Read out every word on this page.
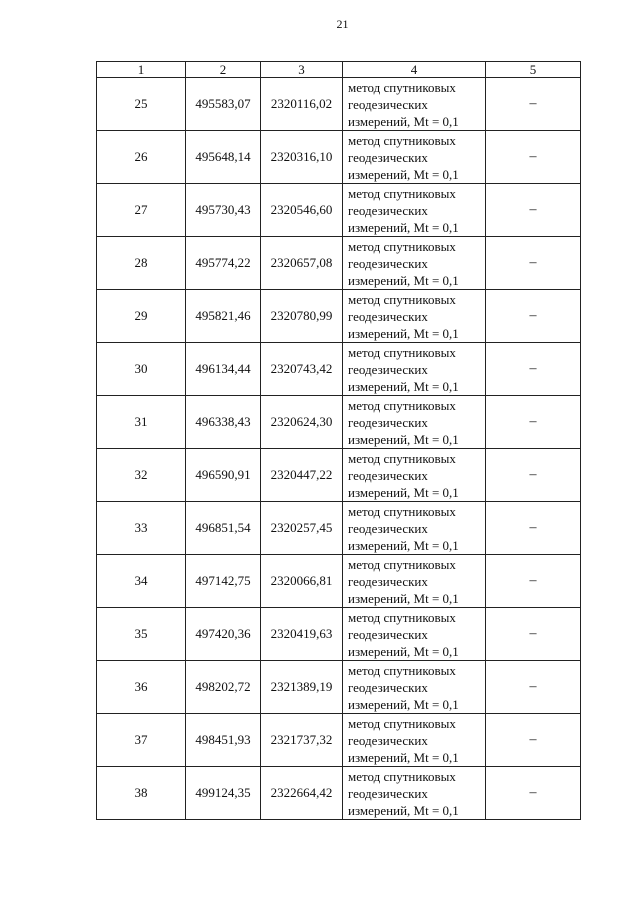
21
1	2	3	4	5
25	495583,07	2320116,02	метод спутниковых
геодезических
измерений, Mt = 0,1	–
26	495648,14	2320316,10	метод спутниковых
геодезических
измерений, Mt = 0,1	–
27	495730,43	2320546,60	метод спутниковых
геодезических
измерений, Mt = 0,1	–
28	495774,22	2320657,08	метод спутниковых
геодезических
измерений, Mt = 0,1	–
29	495821,46	2320780,99	метод спутниковых
геодезических
измерений, Mt = 0,1	–
30	496134,44	2320743,42	метод спутниковых
геодезических
измерений, Mt = 0,1	–
31	496338,43	2320624,30	метод спутниковых
геодезических
измерений, Mt = 0,1	–
32	496590,91	2320447,22	метод спутниковых
геодезических
измерений, Mt = 0,1	–
33	496851,54	2320257,45	метод спутниковых
геодезических
измерений, Mt = 0,1	–
34	497142,75	2320066,81	метод спутниковых
геодезических
измерений, Mt = 0,1	–
35	497420,36	2320419,63	метод спутниковых
геодезических
измерений, Mt = 0,1	–
36	498202,72	2321389,19	метод спутниковых
геодезических
измерений, Mt = 0,1	–
37	498451,93	2321737,32	метод спутниковых
геодезических
измерений, Mt = 0,1	–
38	499124,35	2322664,42	метод спутниковых
геодезических
измерений, Mt = 0,1	–
